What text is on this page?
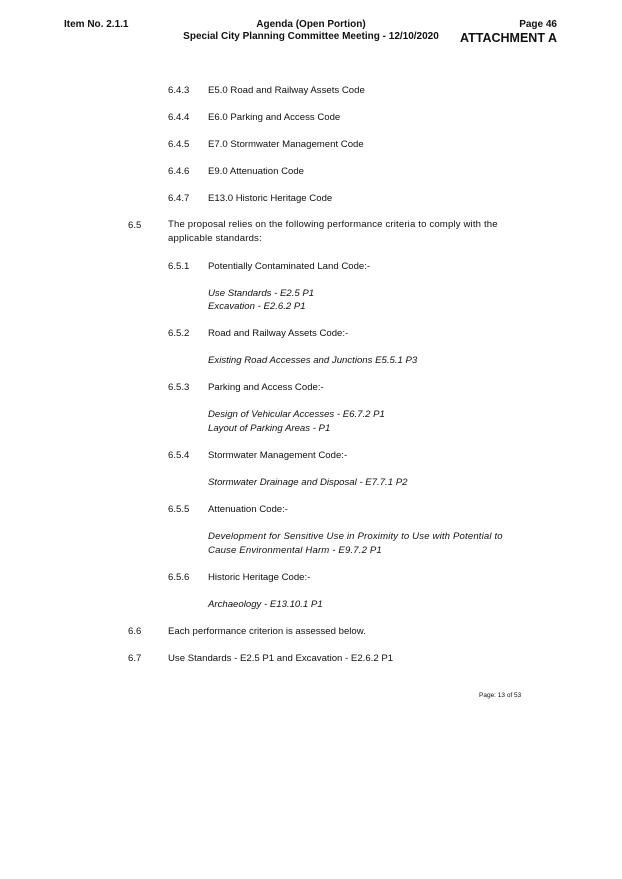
Item No. 2.1.1	Agenda (Open Portion)
Special City Planning Committee Meeting - 12/10/2020
Page 46
ATTACHMENT A
6.4.3 E5.0 Road and Railway Assets Code
6.4.4 E6.0 Parking and Access Code
6.4.5 E7.0 Stormwater Management Code
6.4.6 E9.0 Attenuation Code
6.4.7 E13.0 Historic Heritage Code
6.5	The proposal relies on the following performance criteria to comply with the applicable standards:
6.5.1 Potentially Contaminated Land Code:-
Use Standards - E2.5 P1
Excavation - E2.6.2 P1
6.5.2 Road and Railway Assets Code:-
Existing Road Accesses and Junctions E5.5.1 P3
6.5.3 Parking and Access Code:-
Design of Vehicular Accesses - E6.7.2 P1
Layout of Parking Areas - P1
6.5.4 Stormwater Management Code:-
Stormwater Drainage and Disposal - E7.7.1 P2
6.5.5 Attenuation Code:-
Development for Sensitive Use in Proximity to Use with Potential to Cause Environmental Harm - E9.7.2 P1
6.5.6 Historic Heritage Code:-
Archaeology - E13.10.1 P1
6.6	Each performance criterion is assessed below.
6.7	Use Standards - E2.5 P1 and Excavation - E2.6.2 P1
Page: 13 of 53
